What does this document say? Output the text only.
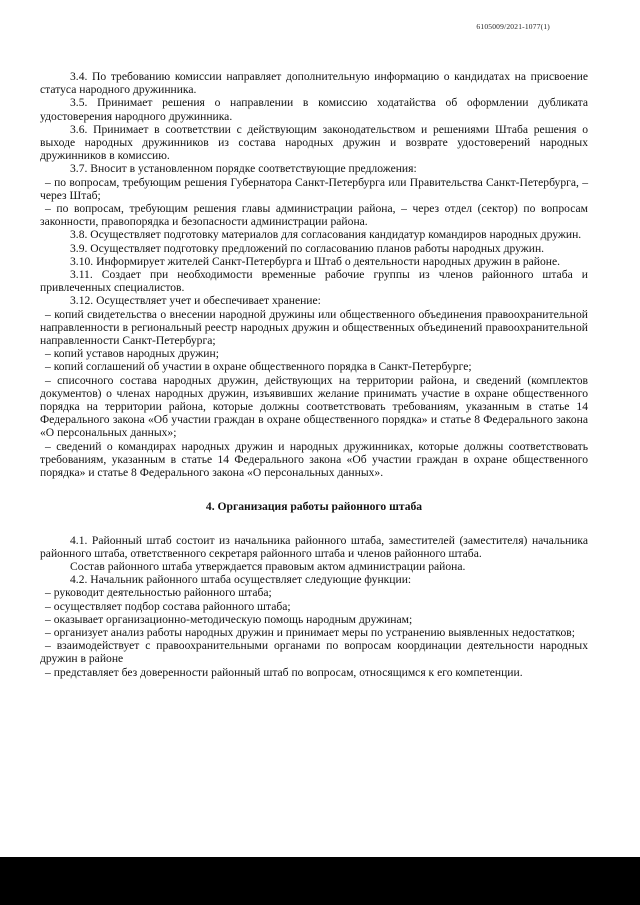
6105009/2021-1077(1)

3.4. По требованию комиссии направляет дополнительную информацию о кандидатах на присвоение статуса народного дружинника.

3.5. Принимает решения о направлении в комиссию ходатайства об оформлении дубликата удостоверения народного дружинника.

3.6. Принимает в соответствии с действующим законодательством и решениями Штаба решения о выходе народных дружинников из состава народных дружин и возврате удостоверений народных дружинников в комиссию.

3.7. Вносит в установленном порядке соответствующие предложения:

– по вопросам, требующим решения Губернатора Санкт-Петербурга или Правительства Санкт-Петербурга, – через Штаб;

– по вопросам, требующим решения главы администрации района, – через отдел (сектор) по вопросам законности, правопорядка и безопасности администрации района.

3.8. Осуществляет подготовку материалов для согласования кандидатур командиров народных дружин.

3.9. Осуществляет подготовку предложений по согласованию планов работы народных дружин.

3.10. Информирует жителей Санкт-Петербурга и Штаб о деятельности народных дружин в районе.

3.11. Создает при необходимости временные рабочие группы из членов районного штаба и привлеченных специалистов.

3.12. Осуществляет учет и обеспечивает хранение:

– копий свидетельства о внесении народной дружины или общественного объединения правоохранительной направленности в региональный реестр народных дружин и общественных объединений правоохранительной направленности Санкт-Петербурга;

– копий уставов народных дружин;

– копий соглашений об участии в охране общественного порядка в Санкт-Петербурге;

– списочного состава народных дружин, действующих на территории района, и сведений (комплектов документов) о членах народных дружин, изъявивших желание принимать участие в охране общественного порядка на территории района, которые должны соответствовать требованиям, указанным в статье 14 Федерального закона «Об участии граждан в охране общественного порядка» и статье 8 Федерального закона «О персональных данных»;

– сведений о командирах народных дружин и народных дружинниках, которые должны соответствовать требованиям, указанным в статье 14 Федерального закона «Об участии граждан в охране общественного порядка» и статье 8 Федерального закона «О персональных данных».

4. Организация работы районного штаба

4.1. Районный штаб состоит из начальника районного штаба, заместителей (заместителя) начальника районного штаба, ответственного секретаря районного штаба и членов районного штаба.

Состав районного штаба утверждается правовым актом администрации района.

4.2. Начальник районного штаба осуществляет следующие функции:

– руководит деятельностью районного штаба;

– осуществляет подбор состава районного штаба;

– оказывает организационно-методическую помощь народным дружинам;

– организует анализ работы народных дружин и принимает меры по устранению выявленных недостатков;

– взаимодействует с правоохранительными органами по вопросам координации деятельности народных дружин в районе

– представляет без доверенности районный штаб по вопросам, относящимся к его компетенции.
